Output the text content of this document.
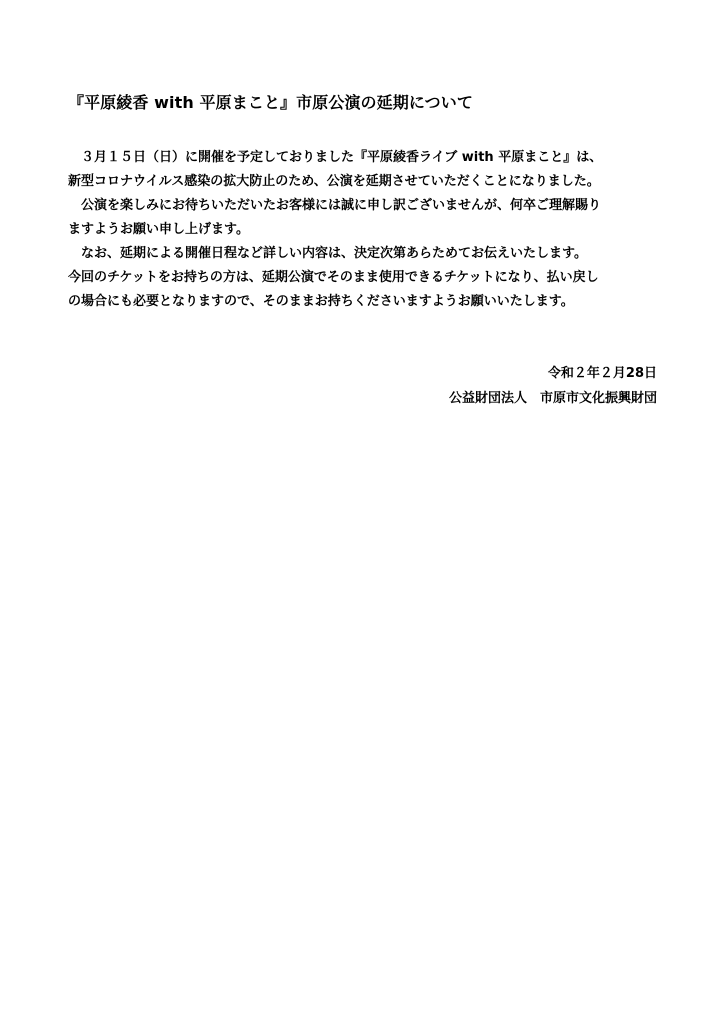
『平原綾香 with 平原まこと』市原公演の延期について
　３月１５日（日）に開催を予定しておりました『平原綾香ライブ with 平原まこと』は、
新型コロナウイルス感染の拡大防止のため、公演を延期させていただくことになりました。
　公演を楽しみにお待ちいただいたお客様には誠に申し訳ございませんが、何卒ご理解賜り
ますようお願い申し上げます。
　なお、延期による開催日程など詳しい内容は、決定次第あらためてお伝えいたします。
今回のチケットをお持ちの方は、延期公演でそのまま使用できるチケットになり、払い戻し
の場合にも必要となりますので、そのままお持ちくださいますようお願いいたします。
令和２年２月28日
公益財団法人　市原市文化振興財団
